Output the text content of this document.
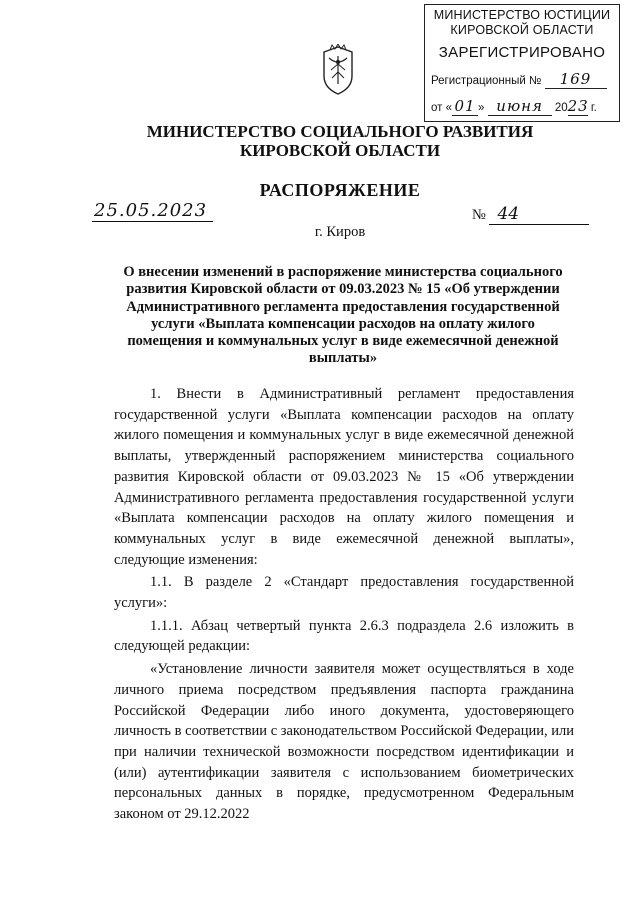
МИНИСТЕРСТВО ЮСТИЦИИ КИРОВСКОЙ ОБЛАСТИ
ЗАРЕГИСТРИРОВАНО
Регистрационный № 169
от « 01 » июня 2023 г.
МИНИСТЕРСТВО СОЦИАЛЬНОГО РАЗВИТИЯ КИРОВСКОЙ ОБЛАСТИ
РАСПОРЯЖЕНИЕ
25.05.2023	№ 44
г. Киров
О внесении изменений в распоряжение министерства социального развития Кировской области от 09.03.2023 № 15 «Об утверждении Административного регламента предоставления государственной услуги «Выплата компенсации расходов на оплату жилого помещения и коммунальных услуг в виде ежемесячной денежной выплаты»

1. Внести в Административный регламент предоставления государственной услуги «Выплата компенсации расходов на оплату жилого помещения и коммунальных услуг в виде ежемесячной денежной выплаты, утвержденный распоряжением министерства социального развития Кировской области от 09.03.2023 № 15 «Об утверждении Административного регламента предоставления государственной услуги «Выплата компенсации расходов на оплату жилого помещения и коммунальных услуг в виде ежемесячной денежной выплаты», следующие изменения:

1.1. В разделе 2 «Стандарт предоставления государственной услуги»:

1.1.1. Абзац четвертый пункта 2.6.3 подраздела 2.6 изложить в следующей редакции:

«Установление личности заявителя может осуществляться в ходе личного приема посредством предъявления паспорта гражданина Российской Федерации либо иного документа, удостоверяющего личность в соответствии с законодательством Российской Федерации, или при наличии технической возможности посредством идентификации и (или) аутентификации заявителя с использованием биометрических персональных данных в порядке, предусмотренном Федеральным законом от 29.12.2022
